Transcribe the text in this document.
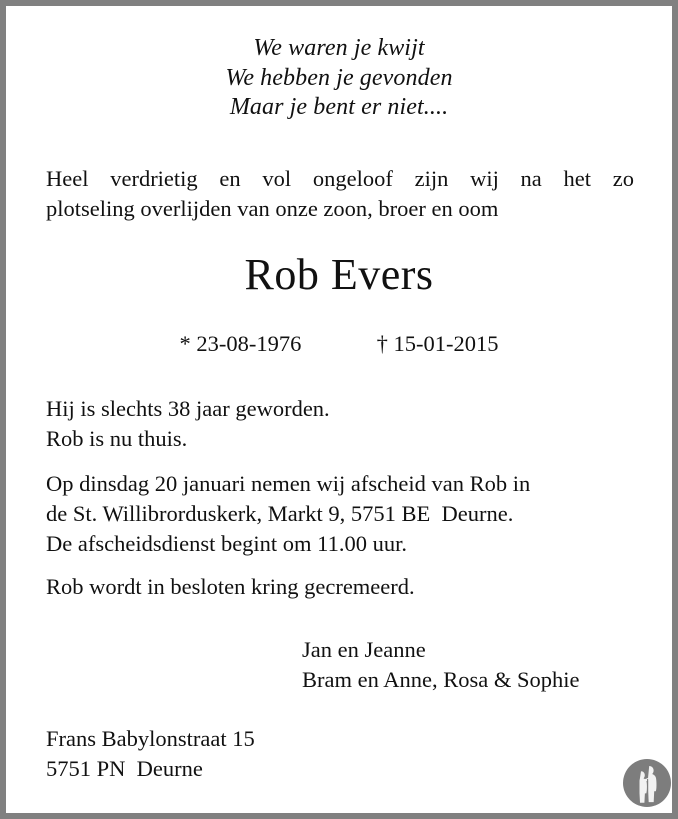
We waren je kwijt
We hebben je gevonden
Maar je bent er niet....
Heel verdrietig en vol ongeloof zijn wij na het zo
plotseling overlijden van onze zoon, broer en oom
Rob Evers
* 23-08-1976	† 15-01-2015
Hij is slechts 38 jaar geworden.
Rob is nu thuis.
Op dinsdag 20 januari nemen wij afscheid van Rob in
de St. Willibrorduskerk, Markt 9, 5751 BE  Deurne.
De afscheidsdienst begint om 11.00 uur.
Rob wordt in besloten kring gecremeerd.
Jan en Jeanne
Bram en Anne, Rosa & Sophie
Frans Babylonstraat 15
5751 PN  Deurne
